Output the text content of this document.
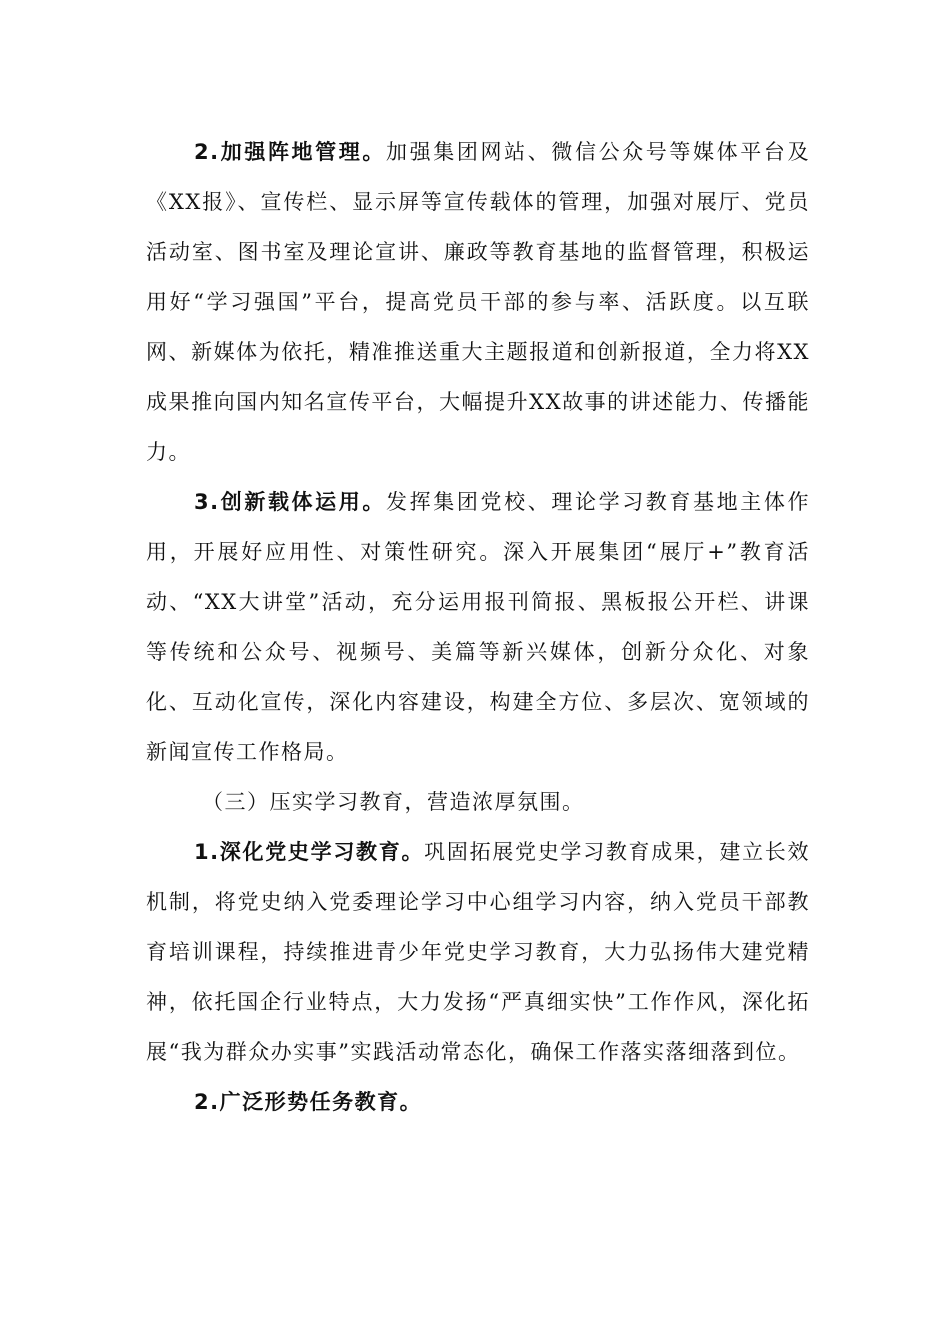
2.加强阵地管理。加强集团网站、微信公众号等媒体平台及《XX报》、宣传栏、显示屏等宣传载体的管理，加强对展厅、党员活动室、图书室及理论宣讲、廉政等教育基地的监督管理，积极运用好“学习强国”平台，提高党员干部的参与率、活跃度。以互联网、新媒体为依托，精准推送重大主题报道和创新报道，全力将XX成果推向国内知名宣传平台，大幅提升XX故事的讲述能力、传播能力。

3.创新载体运用。发挥集团党校、理论学习教育基地主体作用，开展好应用性、对策性研究。深入开展集团“展厅+”教育活动、“XX大讲堂”活动，充分运用报刊简报、黑板报公开栏、讲课等传统和公众号、视频号、美篇等新兴媒体，创新分众化、对象化、互动化宣传，深化内容建设，构建全方位、多层次、宽领域的新闻宣传工作格局。

（三）压实学习教育，营造浓厚氛围。

1.深化党史学习教育。巩固拓展党史学习教育成果，建立长效机制，将党史纳入党委理论学习中心组学习内容，纳入党员干部教育培训课程，持续推进青少年党史学习教育，大力弘扬伟大建党精神，依托国企行业特点，大力发扬“严真细实快”工作作风，深化拓展“我为群众办实事”实践活动常态化，确保工作落实落细落到位。

2.广泛形势任务教育。
